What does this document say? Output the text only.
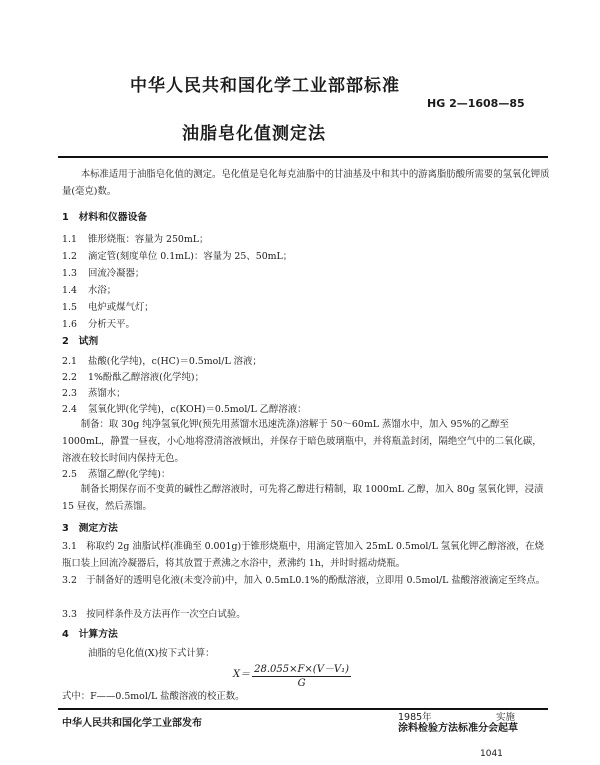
中华人民共和国化学工业部部标准
HG 2—1608—85
油脂皂化值测定法
本标准适用于油脂皂化值的测定。皂化值是皂化每克油脂中的甘油基及中和其中的游离脂肪酸所需要的氢氧化钾质量(毫克)数。
1　材料和仪器设备
1.1 锥形烧瓶：容量为 250mL；
1.2 滴定管(刻度单位 0.1mL)：容量为 25、50mL；
1.3 回流冷凝器；
1.4 水浴；
1.5 电炉或煤气灯；
1.6 分析天平。
2　试剂
2.1 盐酸(化学纯)，c(HC)＝0.5mol/L 溶液；
2.2 1%酚酞乙醇溶液(化学纯)；
2.3 蒸馏水；
2.4 氢氧化钾(化学纯)，c(KOH)＝0.5mol/L 乙醇溶液：
制备：取 30g 纯净氢氧化钾(预先用蒸馏水迅速洗涤)溶解于 50～60mL 蒸馏水中，加入 95%的乙醇至 1000mL，静置一昼夜，小心地将澄清溶液倾出，并保存于暗色玻璃瓶中，并将瓶盖封闭，隔绝空气中的二氧化碳，溶液在较长时间内保持无色。
2.5 蒸馏乙醇(化学纯)：
制备长期保存而不变黄的碱性乙醇溶液时，可先将乙醇进行精制，取 1000mL 乙醇，加入 80g 氢氧化钾，浸渍 15 昼夜，然后蒸馏。
3　测定方法
3.1　称取约 2g 油脂试样(准确至 0.001g)于锥形烧瓶中，用滴定管加入 25mL 0.5mol/L 氢氧化钾乙醇溶液，在烧瓶口装上回流冷凝器后，将其放置于煮沸之水浴中，煮沸约 1h，并时时摇动烧瓶。
3.2　于制备好的透明皂化液(未变冷前)中，加入 0.5mL0.1%的酚酞溶液，立即用 0.5mol/L 盐酸溶液滴定至终点。
3.3　按同样条件及方法再作一次空白试验。
4　计算方法
油脂的皂化值(X)按下式计算：
$X= \frac{\text{28.055×F×(V－V₁)}}{G}$
式中：F——0.5mol/L 盐酸溶液的校正数。
中华人民共和国化学工业部发布
1985年	实施
涂料检验方法标准分会起草
1041
